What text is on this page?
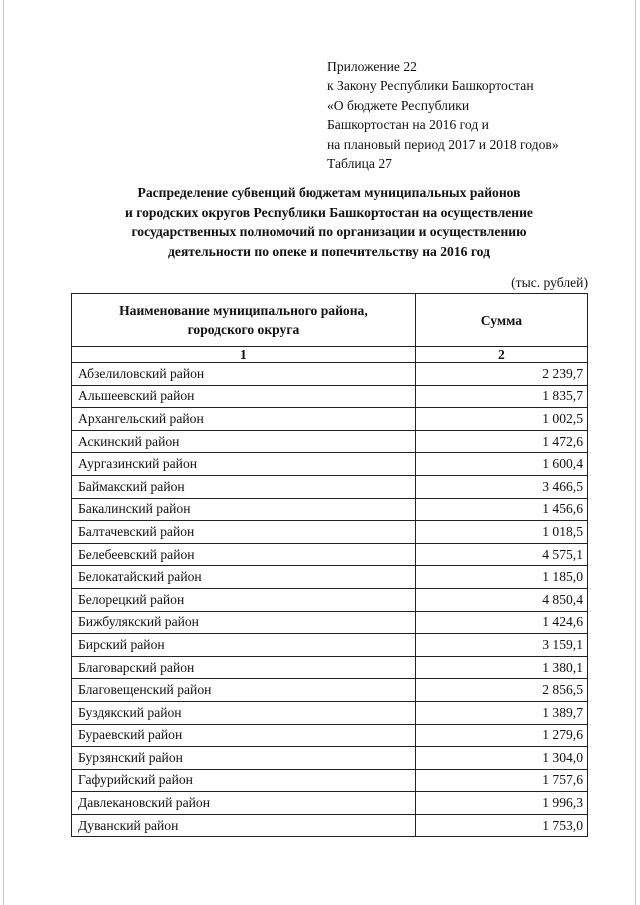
Приложение 22
к Закону Республики Башкортостан
«О бюджете Республики
Башкортостан на 2016 год и
на плановый период 2017 и 2018 годов»
Таблица 27
Распределение субвенций бюджетам муниципальных районов
и городских округов Республики Башкортостан на осуществление
государственных полномочий по организации и осуществлению
деятельности по опеке и попечительству на 2016 год
(тыс. рублей)
Наименование муниципального района,
городского округа	Сумма
1	2
Абзелиловский район	2 239,7
Альшеевский район	1 835,7
Архангельский район	1 002,5
Аскинский район	1 472,6
Аургазинский район	1 600,4
Баймакский район	3 466,5
Бакалинский район	1 456,6
Балтачевский район	1 018,5
Белебеевский район	4 575,1
Белокатайский район	1 185,0
Белорецкий район	4 850,4
Бижбулякский район	1 424,6
Бирский район	3 159,1
Благоварский район	1 380,1
Благовещенский район	2 856,5
Буздякский район	1 389,7
Бураевский район	1 279,6
Бурзянский район	1 304,0
Гафурийский район	1 757,6
Давлекановский район	1 996,3
Дуванский район	1 753,0
